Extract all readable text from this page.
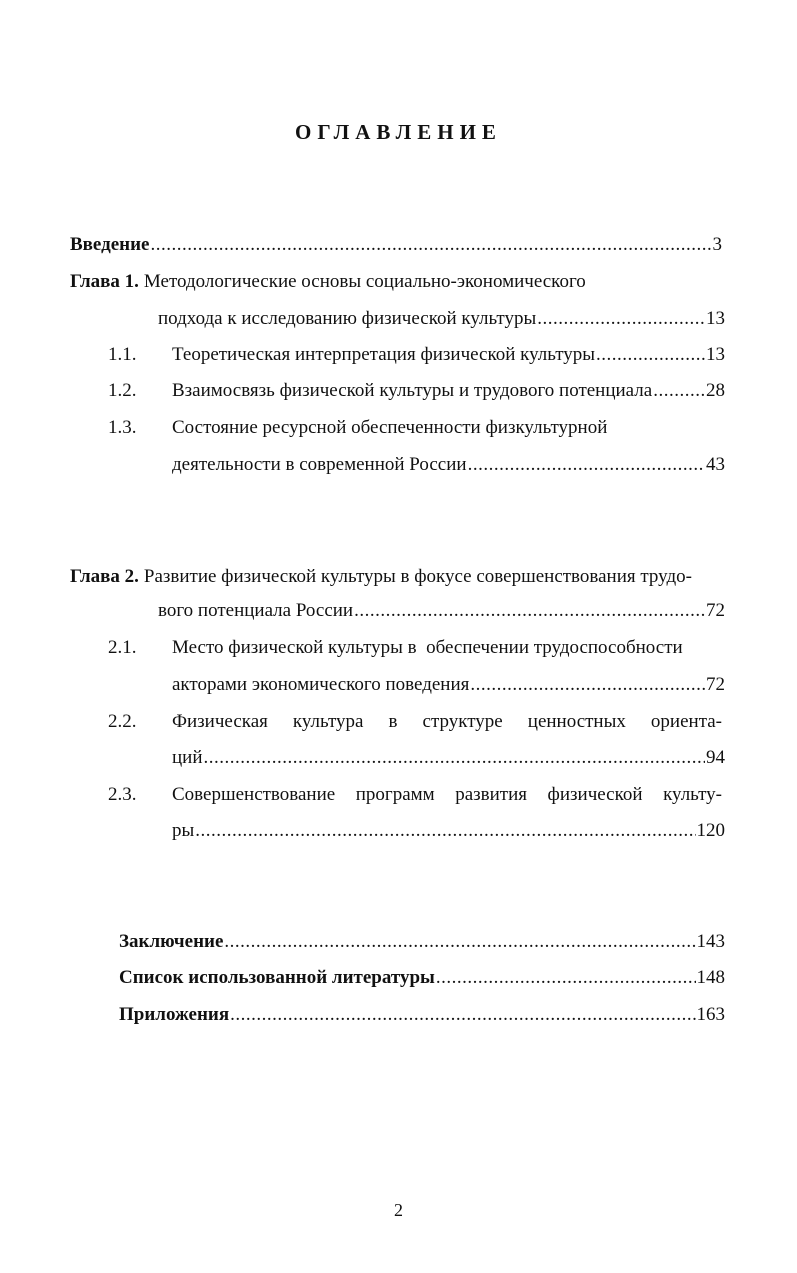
ОГЛАВЛЕНИЕ
Введение .....	3
Глава 1. Методологические основы социально-экономического
подхода к исследованию физической культуры .....	13
1.1.	Теоретическая интерпретация физической культуры .....	13
1.2.	Взаимосвязь физической культуры и трудового потенциала .....	28
1.3.	Состояние ресурсной обеспеченности физкультурной
деятельности в современной России .....	43
Глава 2. Развитие физической культуры в фокусе совершенствования трудо-
вого потенциала России .....	72
2.1.	Место физической культуры в  обеспечении трудоспособности
акторами экономического поведения .....	72
2.2.	Физическая культура в структуре ценностных ориента-
ций .....	94
2.3.	Совершенствование программ развития физической культу-
ры .....	120
Заключение .....	143
Список использованной литературы .....	148
Приложения .....	163
2
